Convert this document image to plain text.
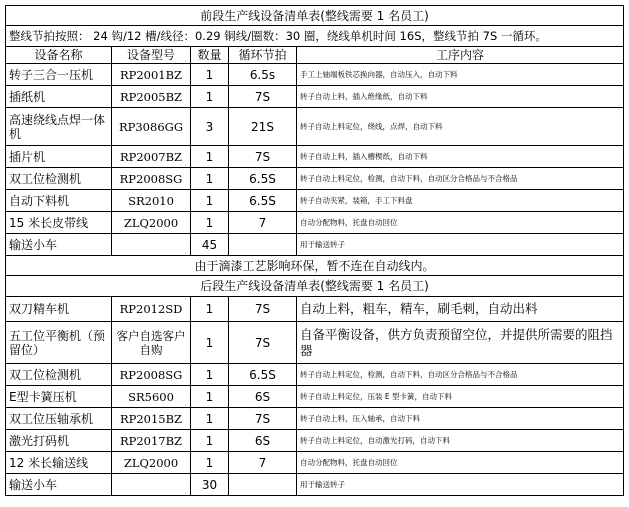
前段生产线设备清单表(整线需要 1 名员工)				
整线节拍按照： 24 钩/12 槽/线径：0.29 铜线/圈数：30 圈，绕线单机时间 16S，整线节拍 7S 一循环。				
设备名称	设备型号	数量	循环节拍	工序内容
转子三合一压机	RP2001BZ	1	6.5s	手工上轴端板铁芯换向器，自动压入，自动下料
插纸机	RP2005BZ	1	7S	转子自动上料，插入绝缘纸，自动下料
高速绕线点焊一体机	RP3086GG	3	21S	转子自动上料定位，绕线，点焊，自动下料
插片机	RP2007BZ	1	7S	转子自动上料，插入槽楔纸，自动下料
双工位检测机	RP2008SG	1	6.5S	转子自动上料定位，检测，自动下料，自动区分合格品与不合格品
自动下料机	SR2010	1	6.5S	转子自动夹紧，装箱，手工下料盘
15 米长皮带线	ZLQ2000	1	7	自动分配物料，托盘自动回位
输送小车		45		用于输送转子
由于滴漆工艺影响环保，暂不连在自动线内。				
后段生产线设备清单表(整线需要 1 名员工)				
双刀精车机	RP2012SD	1	7S	自动上料，粗车，精车，刷毛刺，自动出料
五工位平衡机（预留位）	客户自选客户自购	1	7S	自备平衡设备，供方负责预留空位，并提供所需要的阻挡器
双工位检测机	RP2008SG	1	6.5S	转子自动上料定位，检测，自动下料，自动区分合格品与不合格品
E型卡簧压机	SR5600	1	6S	转子自动上料定位，压装 E 型卡簧，自动下料
双工位压轴承机	RP2015BZ	1	7S	转子自动上料，压入轴承，自动下料
激光打码机	RP2017BZ	1	6S	转子自动上料定位，自动激光打码，自动下料
12 米长输送线	ZLQ2000	1	7	自动分配物料，托盘自动回位
输送小车		30		用于输送转子
